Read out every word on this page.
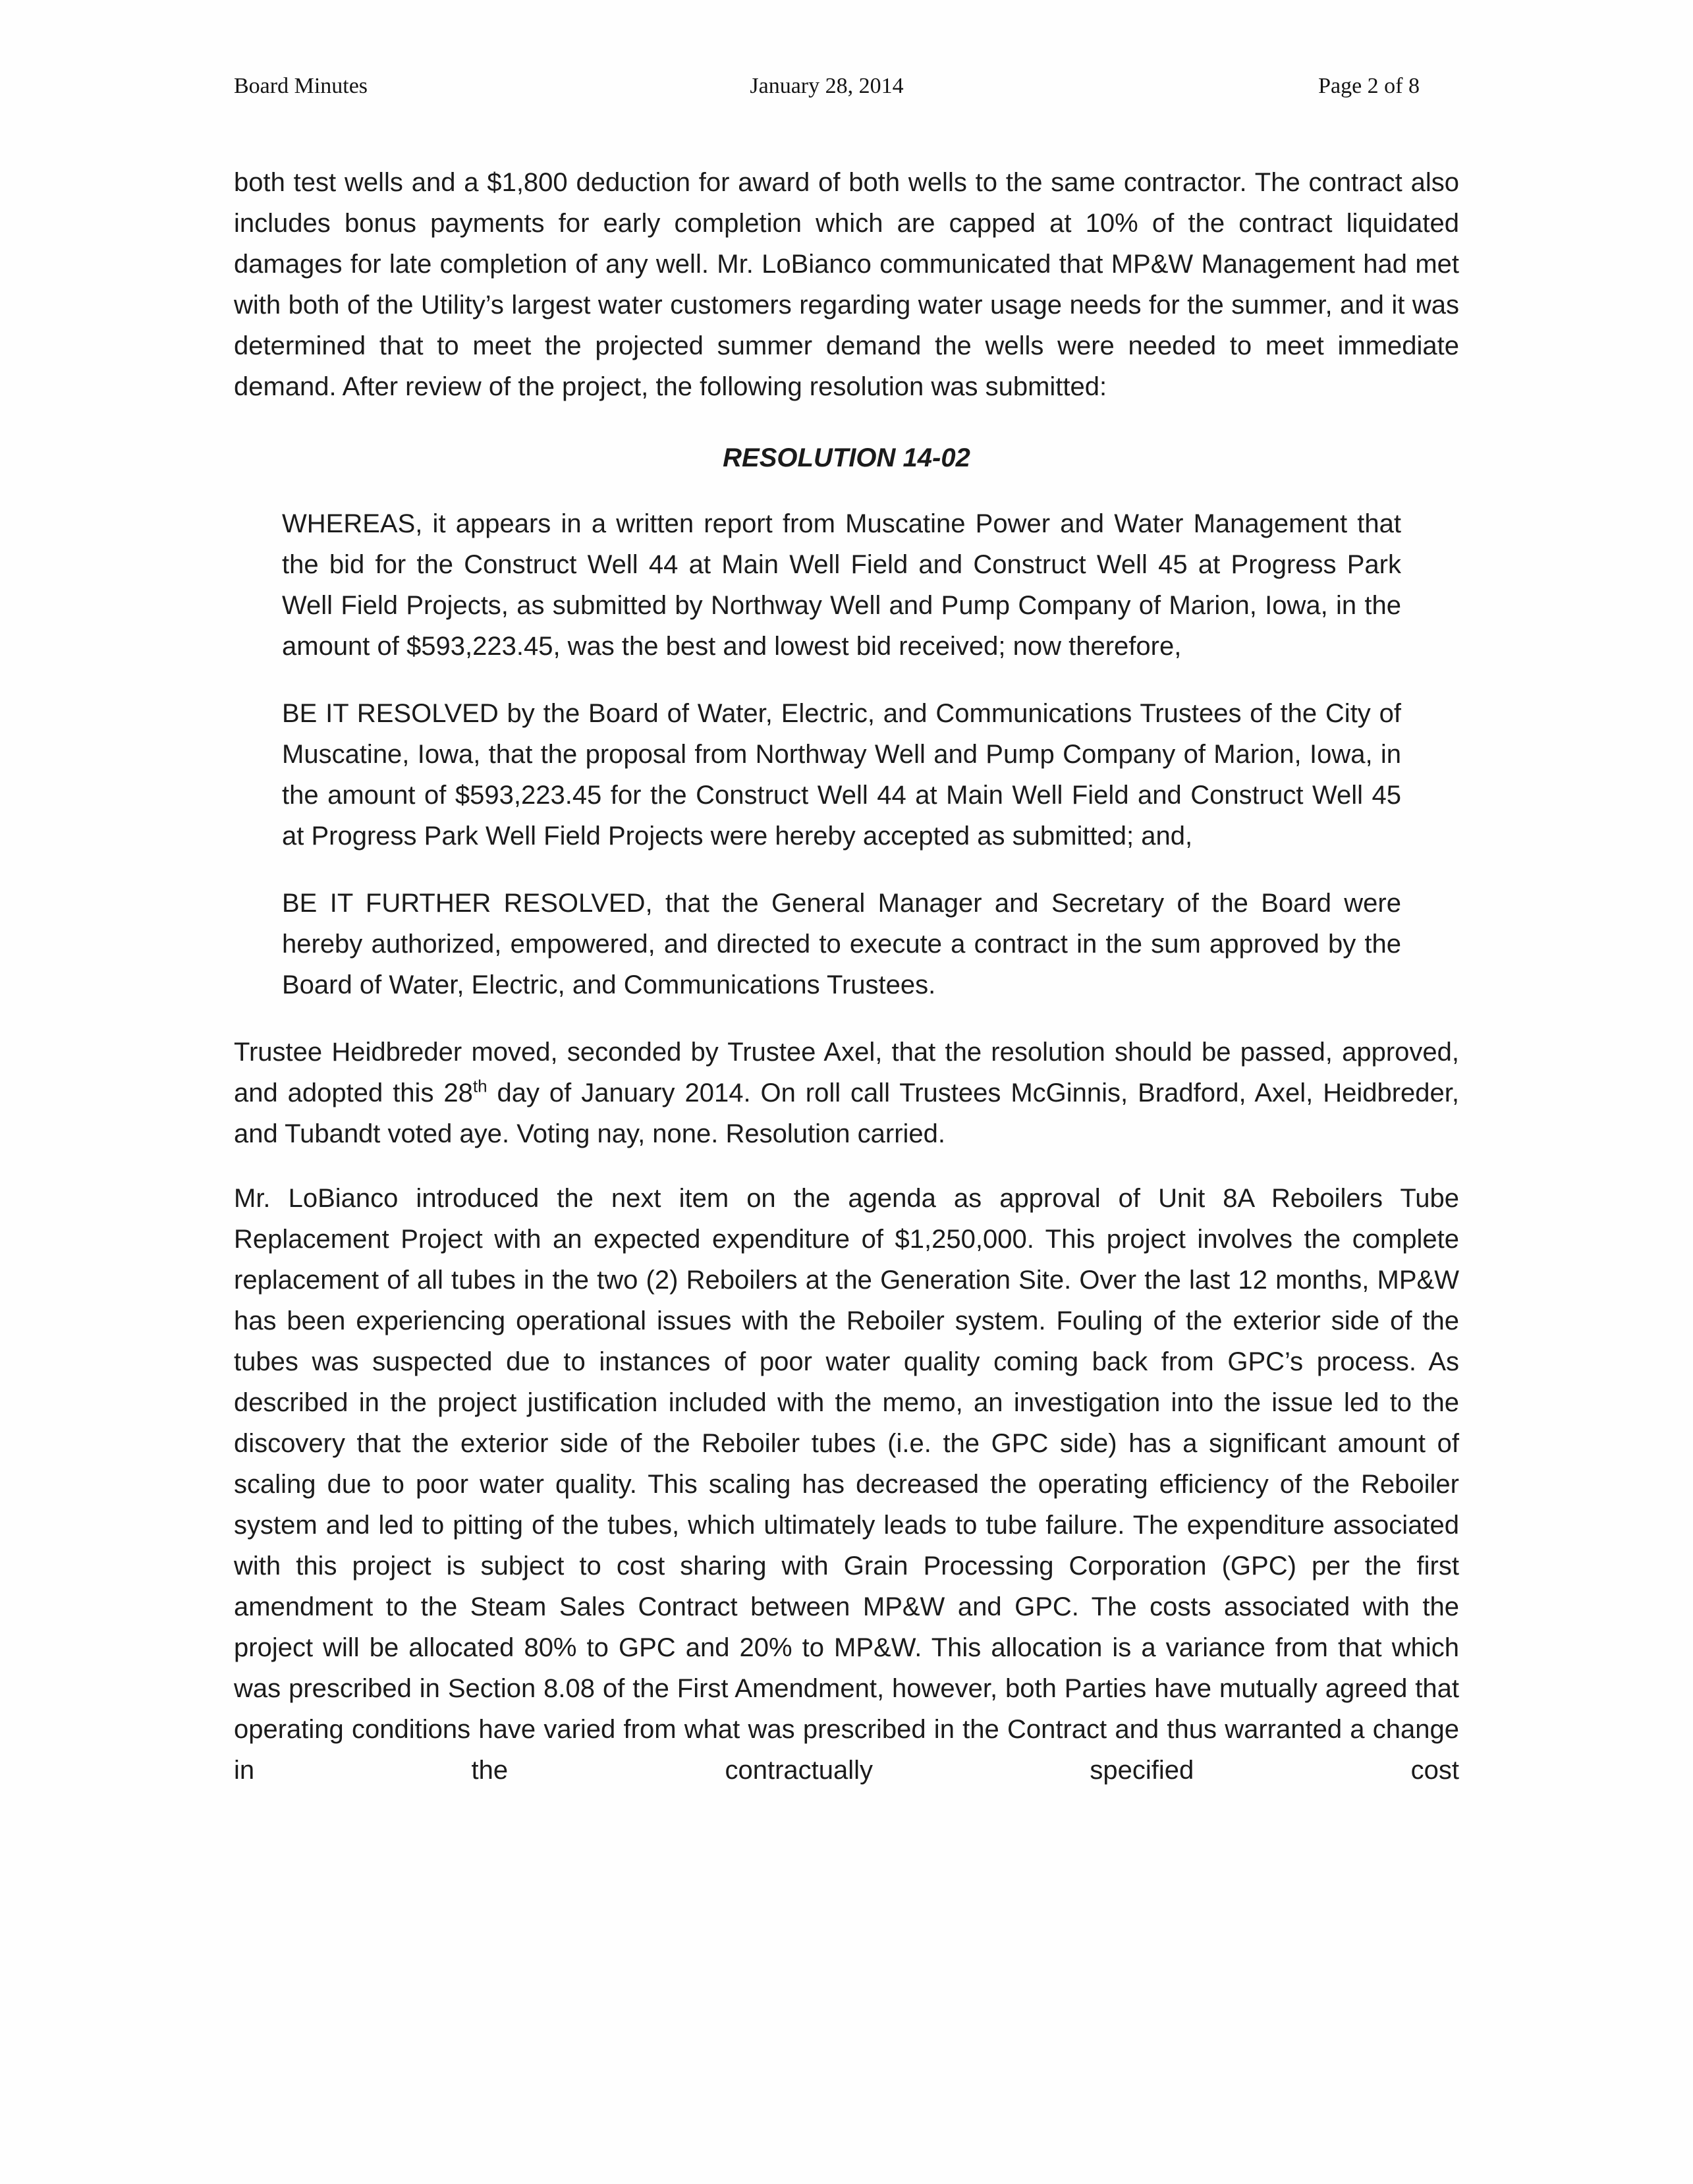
Board Minutes	January 28, 2014	Page 2 of 8

both test wells and a $1,800 deduction for award of both wells to the same contractor. The contract also includes bonus payments for early completion which are capped at 10% of the contract liquidated damages for late completion of any well. Mr. LoBianco communicated that MP&W Management had met with both of the Utility’s largest water customers regarding water usage needs for the summer, and it was determined that to meet the projected summer demand the wells were needed to meet immediate demand. After review of the project, the following resolution was submitted:

RESOLUTION 14-02

WHEREAS, it appears in a written report from Muscatine Power and Water Management that the bid for the Construct Well 44 at Main Well Field and Construct Well 45 at Progress Park Well Field Projects, as submitted by Northway Well and Pump Company of Marion, Iowa, in the amount of $593,223.45, was the best and lowest bid received; now therefore,

BE IT RESOLVED by the Board of Water, Electric, and Communications Trustees of the City of Muscatine, Iowa, that the proposal from Northway Well and Pump Company of Marion, Iowa, in the amount of $593,223.45 for the Construct Well 44 at Main Well Field and Construct Well 45 at Progress Park Well Field Projects were hereby accepted as submitted; and,

BE IT FURTHER RESOLVED, that the General Manager and Secretary of the Board were hereby authorized, empowered, and directed to execute a contract in the sum approved by the Board of Water, Electric, and Communications Trustees.

Trustee Heidbreder moved, seconded by Trustee Axel, that the resolution should be passed, approved, and adopted this 28th day of January 2014. On roll call Trustees McGinnis, Bradford, Axel, Heidbreder, and Tubandt voted aye. Voting nay, none. Resolution carried.

Mr. LoBianco introduced the next item on the agenda as approval of Unit 8A Reboilers Tube Replacement Project with an expected expenditure of $1,250,000. This project involves the complete replacement of all tubes in the two (2) Reboilers at the Generation Site. Over the last 12 months, MP&W has been experiencing operational issues with the Reboiler system. Fouling of the exterior side of the tubes was suspected due to instances of poor water quality coming back from GPC’s process. As described in the project justification included with the memo, an investigation into the issue led to the discovery that the exterior side of the Reboiler tubes (i.e. the GPC side) has a significant amount of scaling due to poor water quality. This scaling has decreased the operating efficiency of the Reboiler system and led to pitting of the tubes, which ultimately leads to tube failure. The expenditure associated with this project is subject to cost sharing with Grain Processing Corporation (GPC) per the first amendment to the Steam Sales Contract between MP&W and GPC. The costs associated with the project will be allocated 80% to GPC and 20% to MP&W. This allocation is a variance from that which was prescribed in Section 8.08 of the First Amendment, however, both Parties have mutually agreed that operating conditions have varied from what was prescribed in the Contract and thus warranted a change in the contractually specified cost
